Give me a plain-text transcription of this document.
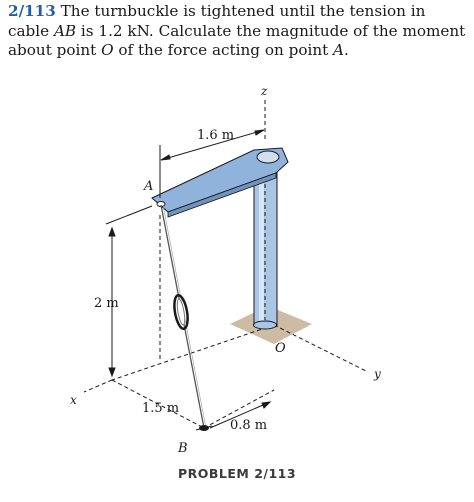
2/113 The turnbuckle is tightened until the tension in
cable AB is 1.2 kN. Calculate the magnitude of the moment
about point O of the force acting on point A.
z
y
x
A
B
O
1.6 m
2 m
1.5 m
0.8 m
PROBLEM 2/113
